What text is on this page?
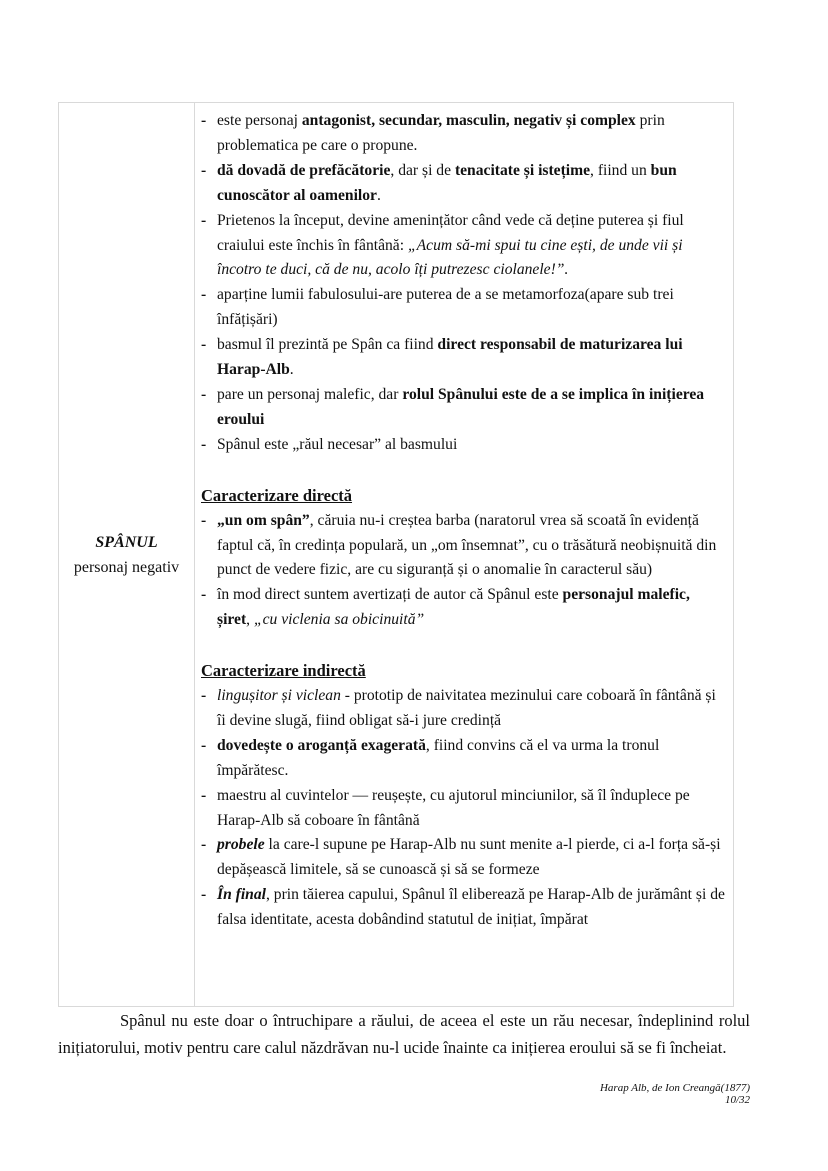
SPÂNUL
personaj negativ

- este personaj antagonist, secundar, masculin, negativ și complex prin problematica pe care o propune.
- dă dovadă de prefăcătorie, dar și de tenacitate și istețime, fiind un bun cunoscător al oamenilor.
- Prietenos la început, devine amenințător când vede că deține puterea și fiul craiului este închis în fântână: „Acum să-mi spui tu cine ești, de unde vii și încotro te duci, că de nu, acolo îți putrezesc ciolanele!”.
- aparține lumii fabulosului-are puterea de a se metamorfoza(apare sub trei înfățișări)
- basmul îl prezintă pe Spân ca fiind direct responsabil de maturizarea lui Harap-Alb.
- pare un personaj malefic, dar rolul Spânului este de a se implica în inițierea eroului
- Spânul este „răul necesar” al basmului
Caracterizare directă
- „un om spân”, căruia nu-i creștea barba (naratorul vrea să scoată în evidență faptul că, în credința populară, un „om însemnat”, cu o trăsătură neobișnuită din punct de vedere fizic, are cu siguranță și o anomalie în caracterul său)
- în mod direct suntem avertizați de autor că Spânul este personajul malefic, șiret, „cu viclenia sa obicinuită”
Caracterizare indirectă
- lingușitor și viclean - prototip de naivitatea mezinului care coboară în fântână și îi devine slugă, fiind obligat să-i jure credință
- dovedește o aroganță exagerată, fiind convins că el va urma la tronul împărătesc.
- maestru al cuvintelor — reușește, cu ajutorul minciunilor, să îl înduplece pe Harap-Alb să coboare în fântână
- probele la care-l supune pe Harap-Alb nu sunt menite a-l pierde, ci a-l forța să-și depășească limitele, să se cunoască și să se formeze
- În final, prin tăierea capului, Spânul îl eliberează pe Harap-Alb de jurământ și de falsa identitate, acesta dobândind statutul de inițiat, împărat

Spânul nu este doar o întruchipare a răului, de aceea el este un rău necesar, îndeplinind rolul inițiatorului, motiv pentru care calul năzdrăvan nu-l ucide înainte ca inițierea eroului să se fi încheiat.

Harap Alb, de Ion Creangă(1877)
10/32
